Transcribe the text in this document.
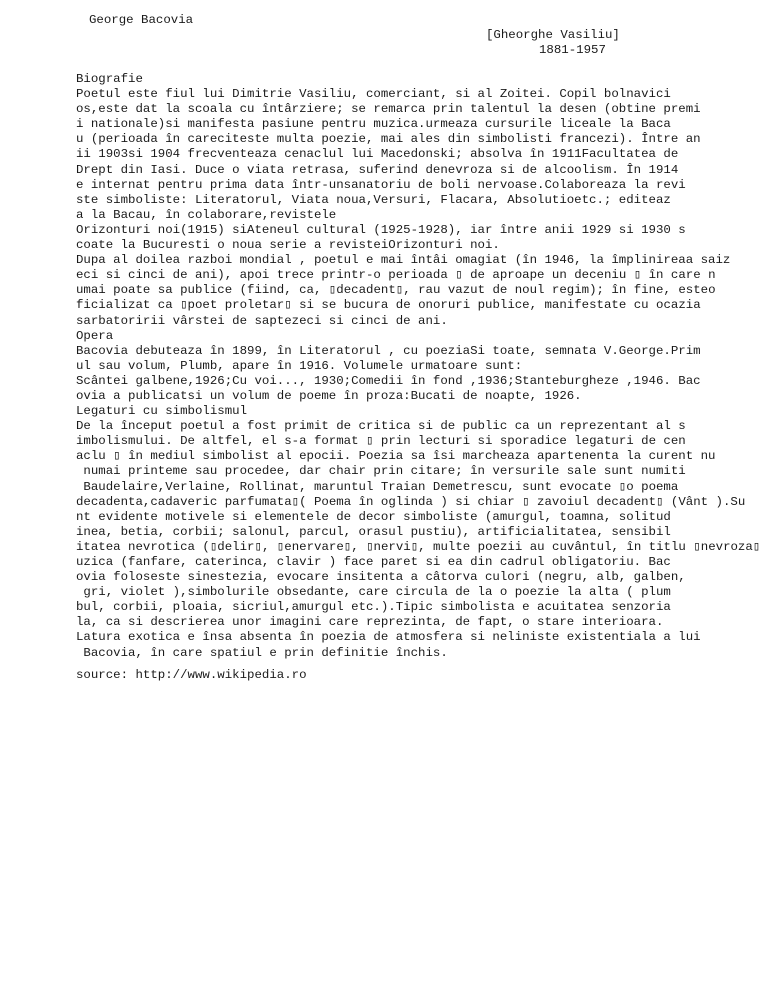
George Bacovia
[Gheorghe Vasiliu]
1881-1957
Biografie
Poetul este fiul lui Dimitrie Vasiliu, comerciant, si al Zoitei. Copil bolnavici
os,este dat la scoala cu întârziere; se remarca prin talentul la desen (obtine premi
i nationale)si manifesta pasiune pentru muzica.urmeaza cursurile liceale la Baca
u (perioada în careciteste multa poezie, mai ales din simbolisti francezi). Între an
ii 1903si 1904 frecventeaza cenaclul lui Macedonski; absolva în 1911Facultatea de
Drept din Iasi. Duce o viata retrasa, suferind denevroza si de alcoolism. În 1914
e internat pentru prima data într-unsanatoriu de boli nervoase.Colaboreaza la revi
ste simboliste: Literatorul, Viata noua,Versuri, Flacara, Absolutioetc.; editeaz
a la Bacau, în colaborare,revistele
Orizonturi noi(1915) siAteneul cultural (1925-1928), iar între anii 1929 si 1930 s
coate la Bucuresti o noua serie a revisteiOrizonturi noi.
Dupa al doilea razboi mondial , poetul e mai întâi omagiat (în 1946, la împlinireaa saiz
eci si cinci de ani), apoi trece printr-o perioada ▯ de aproape un deceniu ▯ în care n
umai poate sa publice (fiind, ca, ▯decadent▯, rau vazut de noul regim); în fine, esteo
ficializat ca ▯poet proletar▯ si se bucura de onoruri publice, manifestate cu ocazia
sarbatoririi vârstei de saptezeci si cinci de ani.
Opera
Bacovia debuteaza în 1899, în Literatorul , cu poeziaSi toate, semnata V.George.Prim
ul sau volum, Plumb, apare în 1916. Volumele urmatoare sunt:
Scântei galbene,1926;Cu voi..., 1930;Comedii în fond ,1936;Stanteburgheze ,1946. Bac
ovia a publicatsi un volum de poeme în proza:Bucati de noapte, 1926.
Legaturi cu simbolismul
De la început poetul a fost primit de critica si de public ca un reprezentant al s
imbolismului. De altfel, el s-a format ▯ prin lecturi si sporadice legaturi de cen
aclu ▯ în mediul simbolist al epocii. Poezia sa îsi marcheaza apartenenta la curent nu
numai printeme sau procedee, dar chair prin citare; în versurile sale sunt numiti
Baudelaire,Verlaine, Rollinat, maruntul Traian Demetrescu, sunt evocate ▯o poema
decadenta,cadaveric parfumata▯( Poema în oglinda ) si chiar ▯ zavoiul decadent▯ (Vânt ).Su
nt evidente motivele si elementele de decor simboliste (amurgul, toamna, solitud
inea, betia, corbii; salonul, parcul, orasul pustiu), artificialitatea, sensibil
itatea nevrotica (▯delir▯, ▯enervare▯, ▯nervi▯, multe poezii au cuvântul, în titlu ▯nevroza▯
uzica (fanfare, caterinca, clavir ) face paret si ea din cadrul obligatoriu. Bac
ovia foloseste sinestezia, evocare insitenta a câtorva culori (negru, alb, galben,
gri, violet ),simbolurile obsedante, care circula de la o poezie la alta ( plum
bul, corbii, ploaia, sicriul,amurgul etc.).Tipic simbolista e acuitatea senzoria
la, ca si descrierea unor imagini care reprezinta, de fapt, o stare interioara.
Latura exotica e însa absenta în poezia de atmosfera si neliniste existentiala a lui
Bacovia, în care spatiul e prin definitie închis.
source: http://www.wikipedia.ro
